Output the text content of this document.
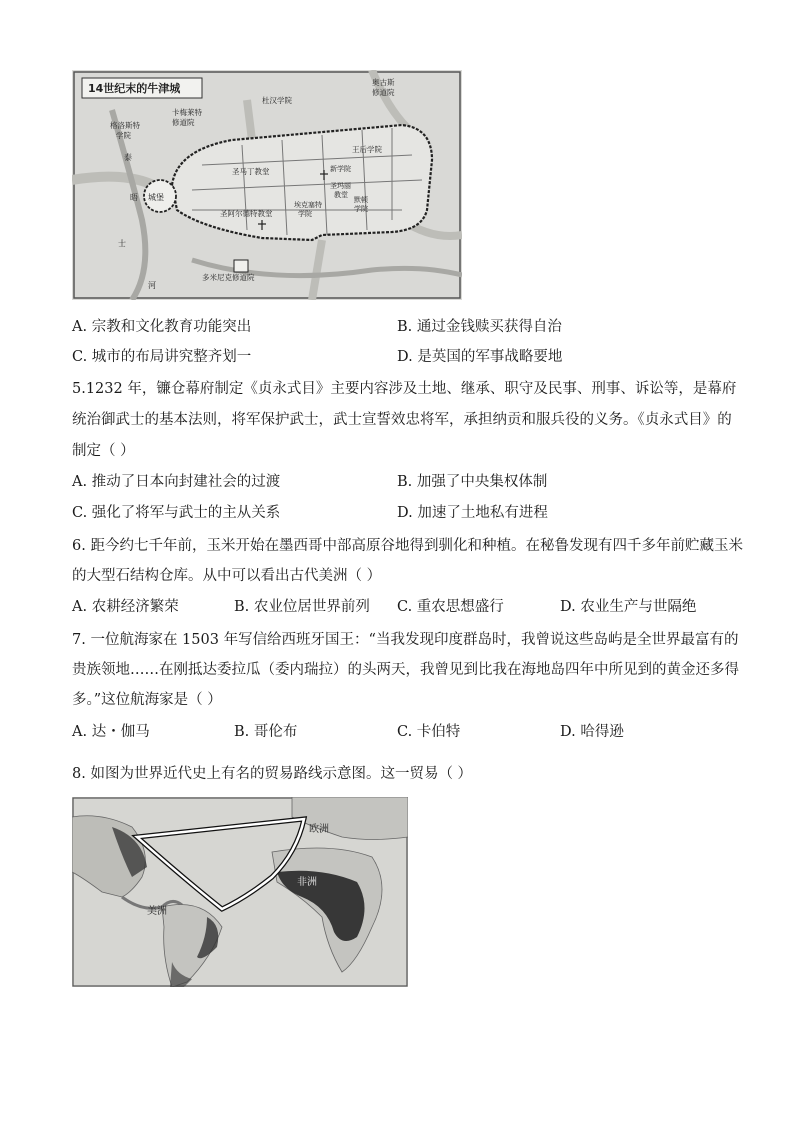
14世纪末的牛津城
城堡
奥古斯
修道院
杜汉学院
卡梅莱特
修道院
格洛斯特
学院
王后学院
圣马丁教堂	新学院
圣玛丽
教堂
默顿
学院
埃克塞特
学院
圣阿尔德特教堂
多米尼克修道院
泰
晤
士
河
A. 宗教和文化教育功能突出	B. 通过金钱赎买获得自治
C. 城市的布局讲究整齐划一	D. 是英国的军事战略要地
5.1232 年，镰仓幕府制定《贞永式目》主要内容涉及土地、继承、职守及民事、刑事、诉讼等，是幕府
统治御武士的基本法则，将军保护武士，武士宣誓效忠将军，承担纳贡和服兵役的义务。《贞永式目》的
制定（ ）
A. 推动了日本向封建社会的过渡	B. 加强了中央集权体制
C. 强化了将军与武士的主从关系	D. 加速了土地私有进程
6. 距今约七千年前，玉米开始在墨西哥中部高原谷地得到驯化和种植。在秘鲁发现有四千多年前贮藏玉米
的大型石结构仓库。从中可以看出古代美洲（ ）
A. 农耕经济繁荣	B. 农业位居世界前列 C. 重农思想盛行	D. 农业生产与世隔绝
7. 一位航海家在 1503 年写信给西班牙国王：“当我发现印度群岛时，我曾说这些岛屿是全世界最富有的
贵族领地……在刚抵达委拉瓜（委内瑞拉）的头两天，我曾见到比我在海地岛四年中所见到的黄金还多得
多。”这位航海家是（ ）
A. 达・伽马	B. 哥伦布	C. 卡伯特	D. 哈得逊
8. 如图为世界近代史上有名的贸易路线示意图。这一贸易（ ）
欧洲
非洲
美洲
